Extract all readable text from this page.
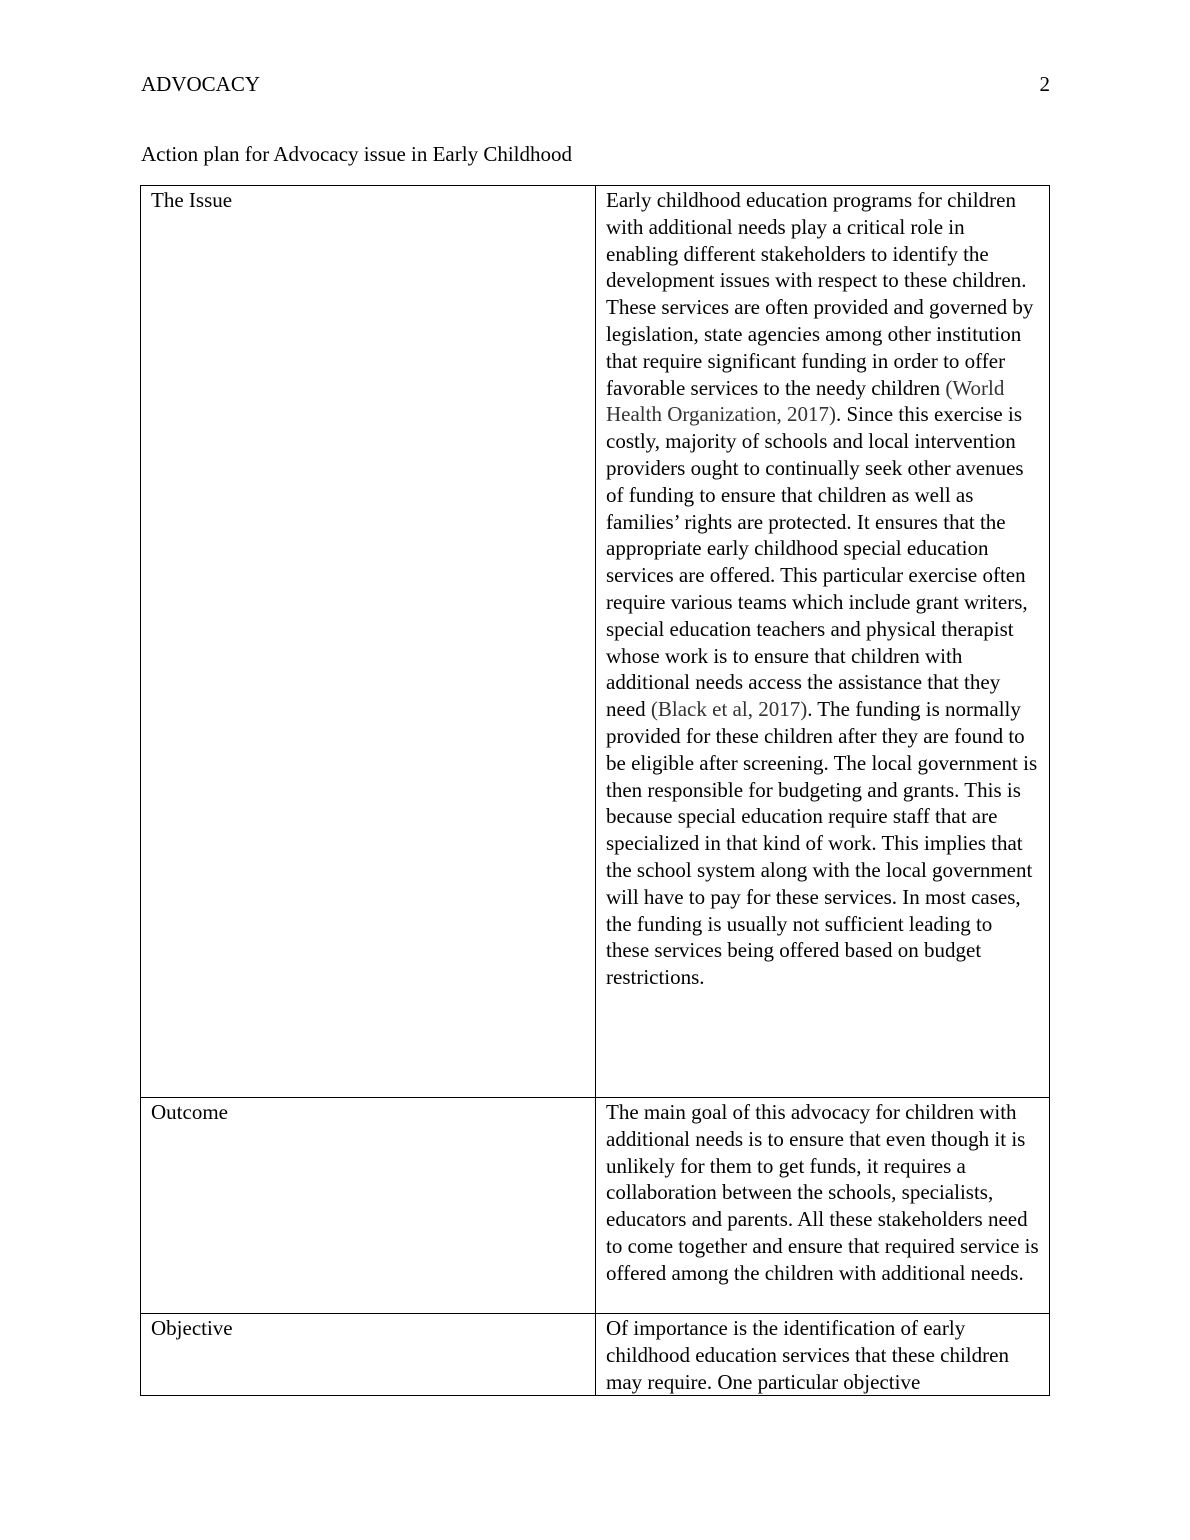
ADVOCACY	2
Action plan for Advocacy issue in Early Childhood
The Issue	Early childhood education programs for children with additional needs play a critical role in enabling different stakeholders to identify the development issues with respect to these children. These services are often provided and governed by legislation, state agencies among other institution that require significant funding in order to offer favorable services to the needy children (World Health Organization, 2017). Since this exercise is costly, majority of schools and local intervention providers ought to continually seek other avenues of funding to ensure that children as well as families’ rights are protected. It ensures that the appropriate early childhood special education services are offered. This particular exercise often require various teams which include grant writers, special education teachers and physical therapist whose work is to ensure that children with additional needs access the assistance that they need (Black et al, 2017). The funding is normally provided for these children after they are found to be eligible after screening. The local government is then responsible for budgeting and grants. This is because special education require staff that are specialized in that kind of work. This implies that the school system along with the local government will have to pay for these services. In most cases, the funding is usually not sufficient leading to these services being offered based on budget restrictions.
Outcome	The main goal of this advocacy for children with additional needs is to ensure that even though it is unlikely for them to get funds, it requires a collaboration between the schools, specialists, educators and parents. All these stakeholders need to come together and ensure that required service is offered among the children with additional needs.
Objective	Of importance is the identification of early childhood education services that these children may require. One particular objective
